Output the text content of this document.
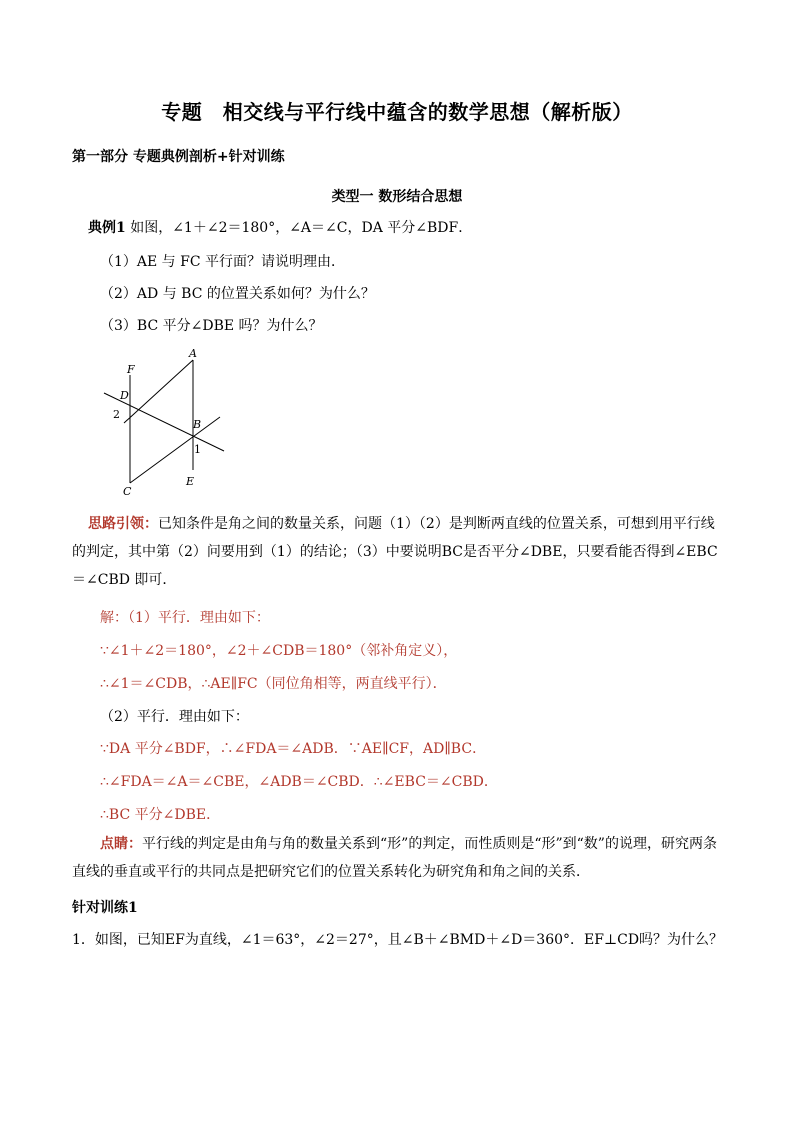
专题　相交线与平行线中蕴含的数学思想（解析版）
第一部分 专题典例剖析+针对训练
类型一 数形结合思想
典例1 如图，∠1＋∠2＝180°，∠A＝∠C，DA 平分∠BDF．
（1）AE 与 FC 平行面？请说明理由．
（2）AD 与 BC 的位置关系如何？为什么？
（3）BC 平分∠DBE 吗？为什么？
A
F
D
2
B
1
E
C
思路引领：已知条件是角之间的数量关系，问题（1）（2）是判断两直线的位置关系，可想到用平行线的判定，其中第（2）问要用到（1）的结论；（3）中要说明BC是否平分∠DBE，只要看能否得到∠EBC＝∠CBD 即可．
解：（1）平行．理由如下：
∵∠1＋∠2＝180°，∠2＋∠CDB＝180°（邻补角定义），
∴∠1＝∠CDB，∴AE∥FC（同位角相等，两直线平行）．
（2）平行．理由如下：
∵DA 平分∠BDF，∴∠FDA＝∠ADB．∵AE∥CF，AD∥BC．
∴∠FDA＝∠A＝∠CBE，∠ADB＝∠CBD．∴∠EBC＝∠CBD．
∴BC 平分∠DBE．
点睛：平行线的判定是由角与角的数量关系到“形”的判定，而性质则是“形”到“数”的说理，研究两条直线的垂直或平行的共同点是把研究它们的位置关系转化为研究角和角之间的关系．
针对训练1
1．如图，已知EF为直线，∠1＝63°，∠2＝27°，且∠B＋∠BMD＋∠D＝360°．EF⊥CD吗？为什么？
